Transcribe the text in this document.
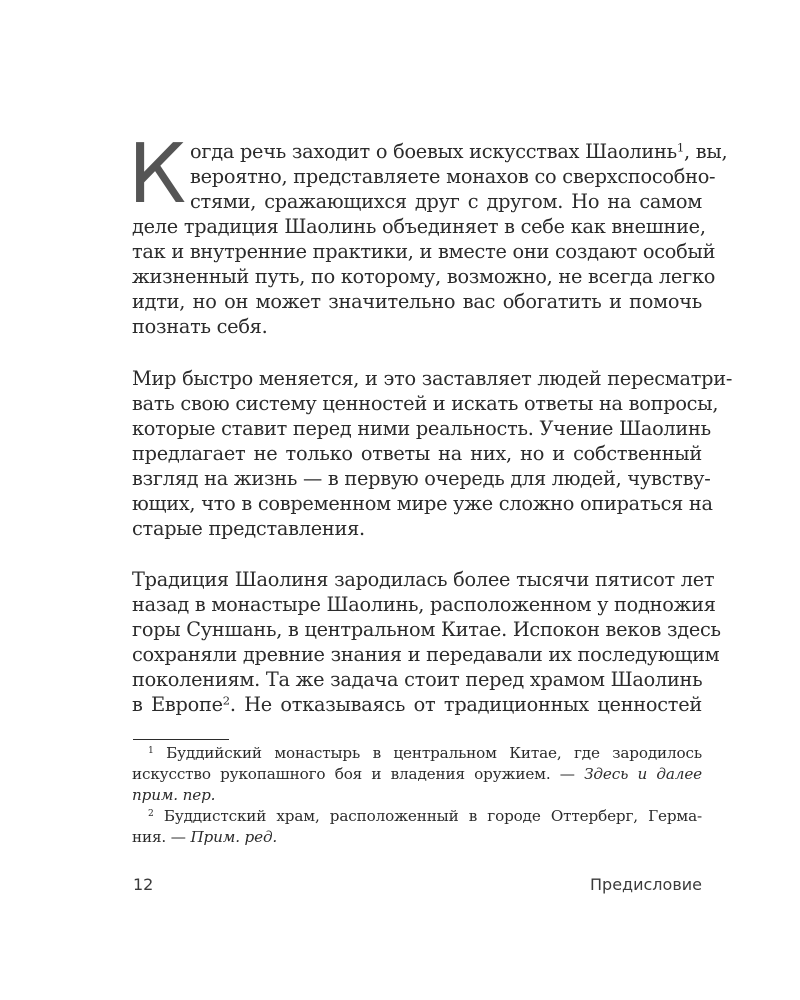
К огда речь заходит о боевых искусствах Шаолинь$^1$, вы,
вероятно, представляете монахов со сверхспособно-
стями, сражающихся друг с другом. Но на самом
деле традиция Шаолинь объединяет в себе как внешние,
так и внутренние практики, и вместе они создают особый
жизненный путь, по которому, возможно, не всегда легко
идти, но он может значительно вас обогатить и помочь
познать себя.
Мир быстро меняется, и это заставляет людей пересматри-
вать свою систему ценностей и искать ответы на вопросы,
которые ставит перед ними реальность. Учение Шаолинь
предлагает не только ответы на них, но и собственный
взгляд на жизнь — в первую очередь для людей, чувству-
ющих, что в современном мире уже сложно опираться на
старые представления.
Традиция Шаолиня зародилась более тысячи пятисот лет
назад в монастыре Шаолинь, расположенном у подножия
горы Суншань, в центральном Китае. Испокон веков здесь
сохраняли древние знания и передавали их последующим
поколениям. Та же задача стоит перед храмом Шаолинь
в Европе$^2$. Не отказываясь от традиционных ценностей
$^1$ Буддийский монастырь в центральном Китае, где зародилось
искусство рукопашного боя и владения оружием. — Здесь и далее
прим. пер.
$^2$ Буддистский храм, расположенный в городе Оттерберг, Герма-
ния. — Прим. ред.
12	Предисловие
